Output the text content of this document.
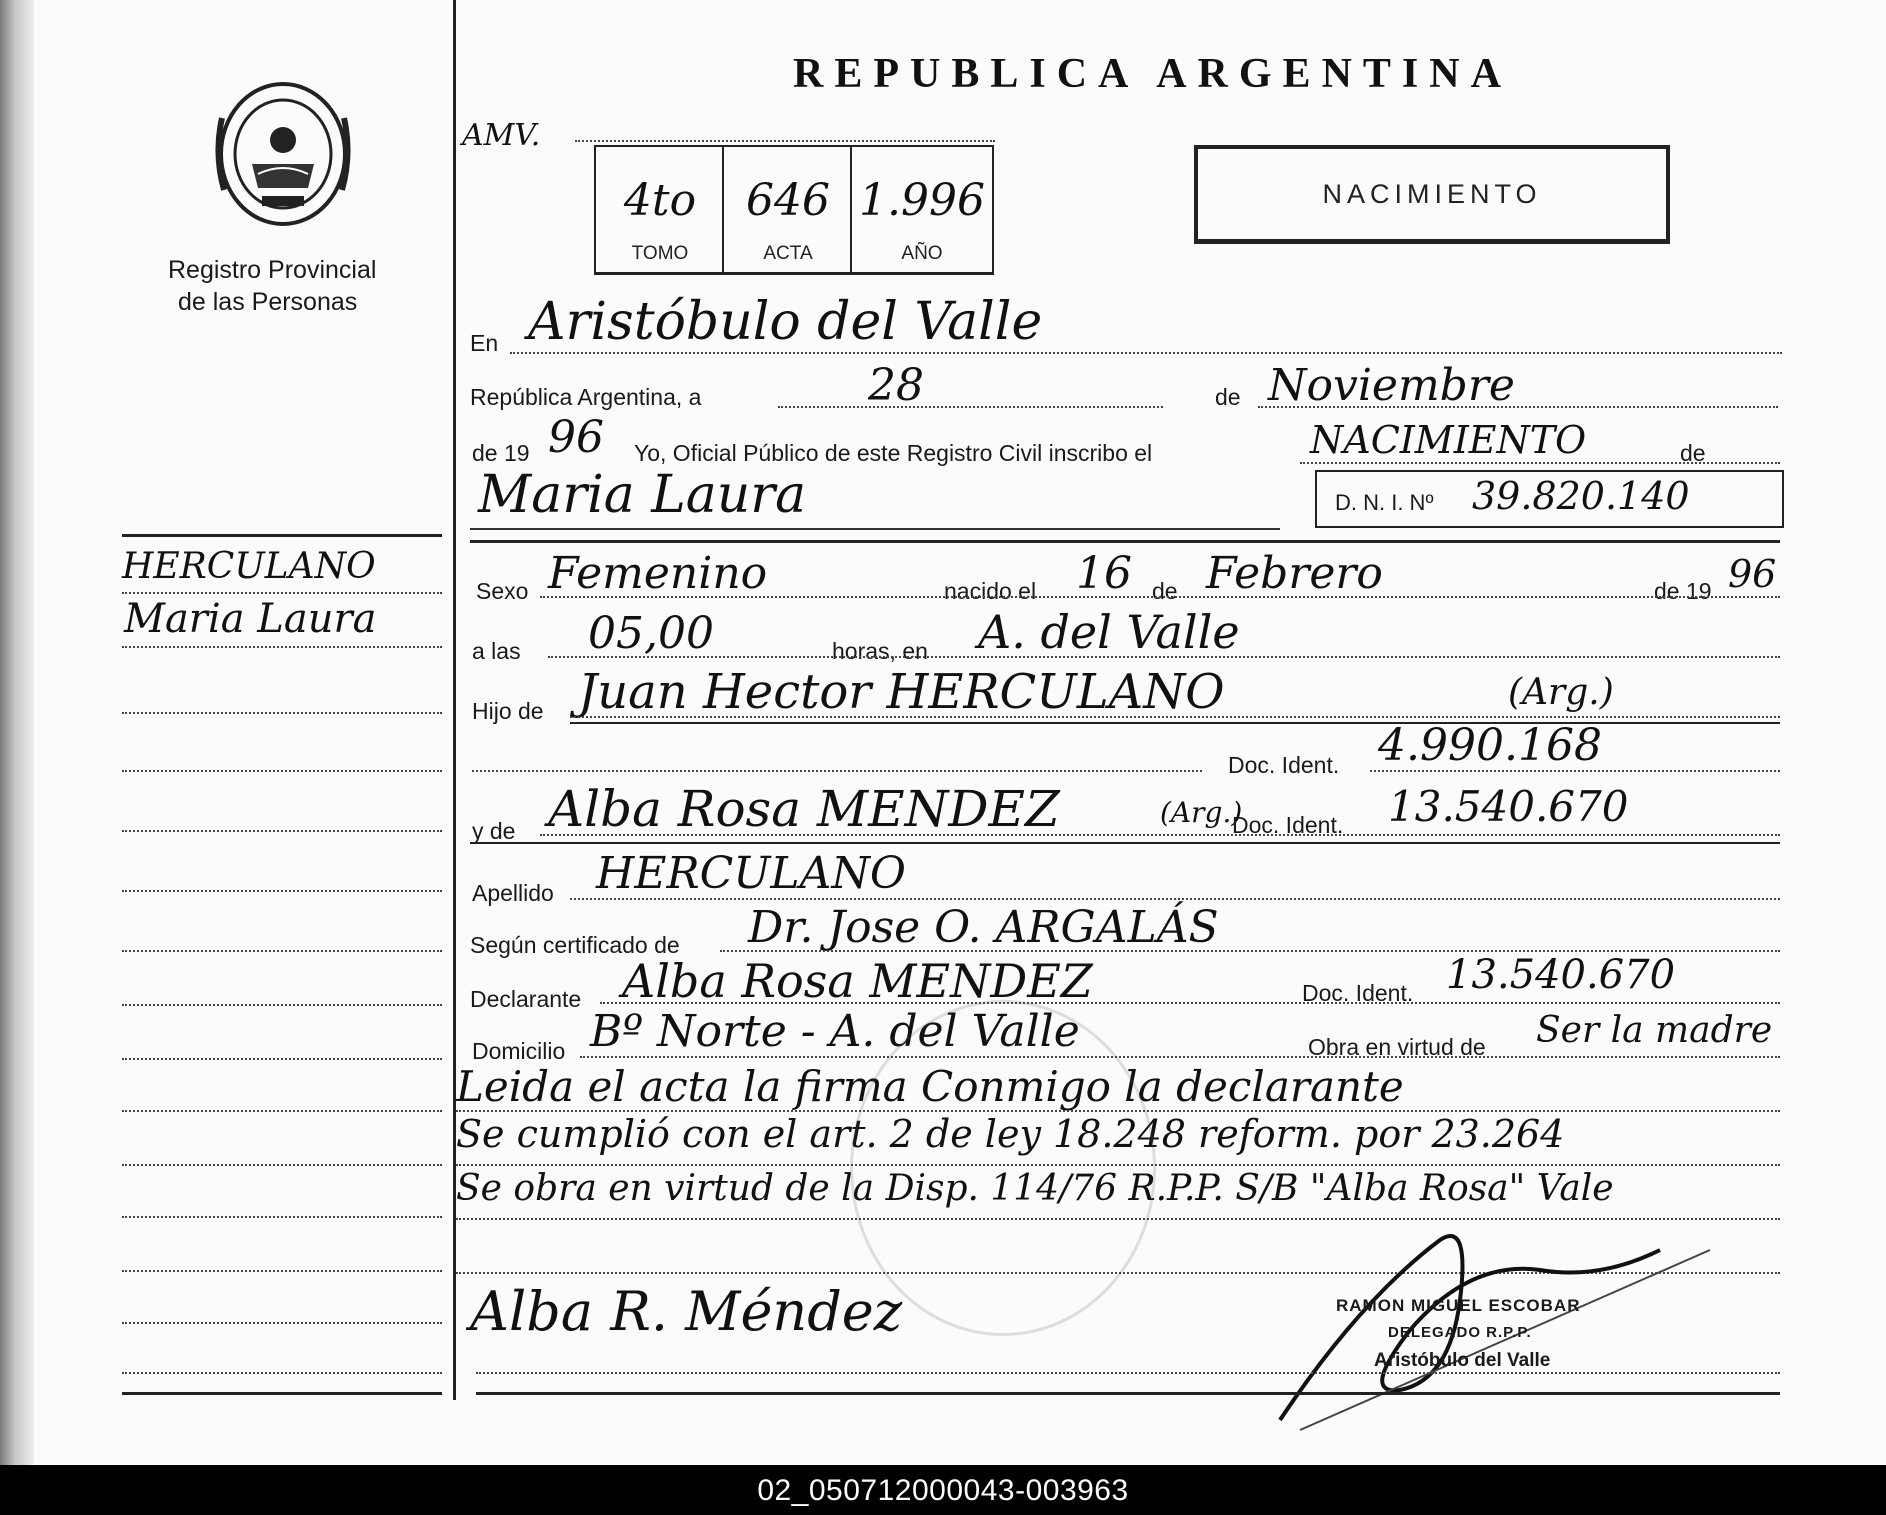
Registro Provincial
de las Personas
REPUBLICA ARGENTINA
AMV.
4to
TOMO
646
ACTA
1.996
AÑO
NACIMIENTO
En Aristóbulo del Valle
República Argentina, a	28	de Noviembre
de 19 96 Yo, Oficial Público de este Registro Civil inscribo el	NACIMIENTO	de
Maria Laura	D. N. I. Nº 39.820.140
Sexo Femenino	nacido el 16 de Febrero	de 19 96
a las 05,00	horas, en A. del Valle
Hijo de Juan Hector HERCULANO	(Arg.)
Doc. Ident. 4.990.168
y de Alba Rosa MENDEZ	(Arg.)
Doc. Ident. 13.540.670
Apellido HERCULANO
Según certificado de Dr. Jose O. ARGALÁS
Declarante Alba Rosa MENDEZ	Doc. Ident. 13.540.670
Domicilio Bº Norte - A. del Valle	Obra en virtud de Ser la madre
Leida el acta la firma Conmigo la declarante
Se cumplió con el art. 2 de ley 18.248 reform. por 23.264
Se obra en virtud de la Disp. 114/76 R.P.P. S/B "Alba Rosa" Vale
Alba R. Méndez	RAMON MIGUEL ESCOBAR
DELEGADO R.P.P.
Aristóbulo del Valle
HERCULANO
Maria Laura
02_050712000043-003963
